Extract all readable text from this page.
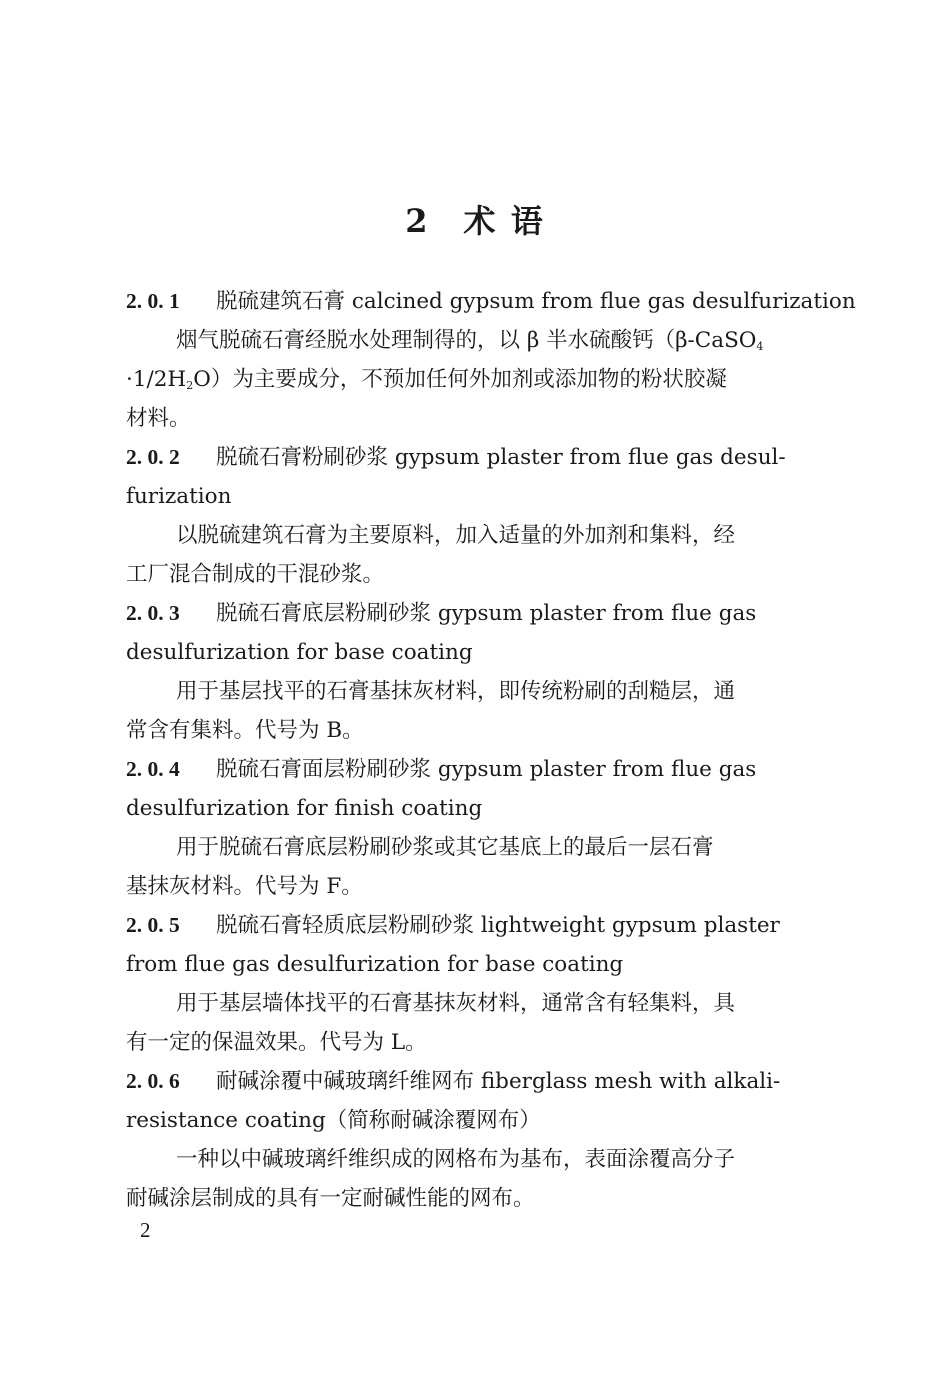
2 术 语
2. 0. 1 脱硫建筑石膏 calcined gypsum from flue gas desulfurization
烟气脱硫石膏经脱水处理制得的，以 β 半水硫酸钙（β-CaSO$_4$
$\cdot 1/2H_2O$）为主要成分，不预加任何外加剂或添加物的粉状胶凝
材料。
2. 0. 2 脱硫石膏粉刷砂浆 gypsum plaster from flue gas desul-
furization
以脱硫建筑石膏为主要原料，加入适量的外加剂和集料，经
工厂混合制成的干混砂浆。
2. 0. 3 脱硫石膏底层粉刷砂浆 gypsum plaster from flue gas
desulfurization for base coating
用于基层找平的石膏基抹灰材料，即传统粉刷的刮糙层，通
常含有集料。代号为 B。
2. 0. 4 脱硫石膏面层粉刷砂浆 gypsum plaster from flue gas
desulfurization for finish coating
用于脱硫石膏底层粉刷砂浆或其它基底上的最后一层石膏
基抹灰材料。代号为 F。
2. 0. 5 脱硫石膏轻质底层粉刷砂浆 lightweight gypsum plaster
from flue gas desulfurization for base coating
用于基层墙体找平的石膏基抹灰材料，通常含有轻集料，具
有一定的保温效果。代号为 L。
2. 0. 6 耐碱涂覆中碱玻璃纤维网布 fiberglass mesh with alkali-
resistance coating（简称耐碱涂覆网布）
一种以中碱玻璃纤维织成的网格布为基布，表面涂覆高分子
耐碱涂层制成的具有一定耐碱性能的网布。
2
